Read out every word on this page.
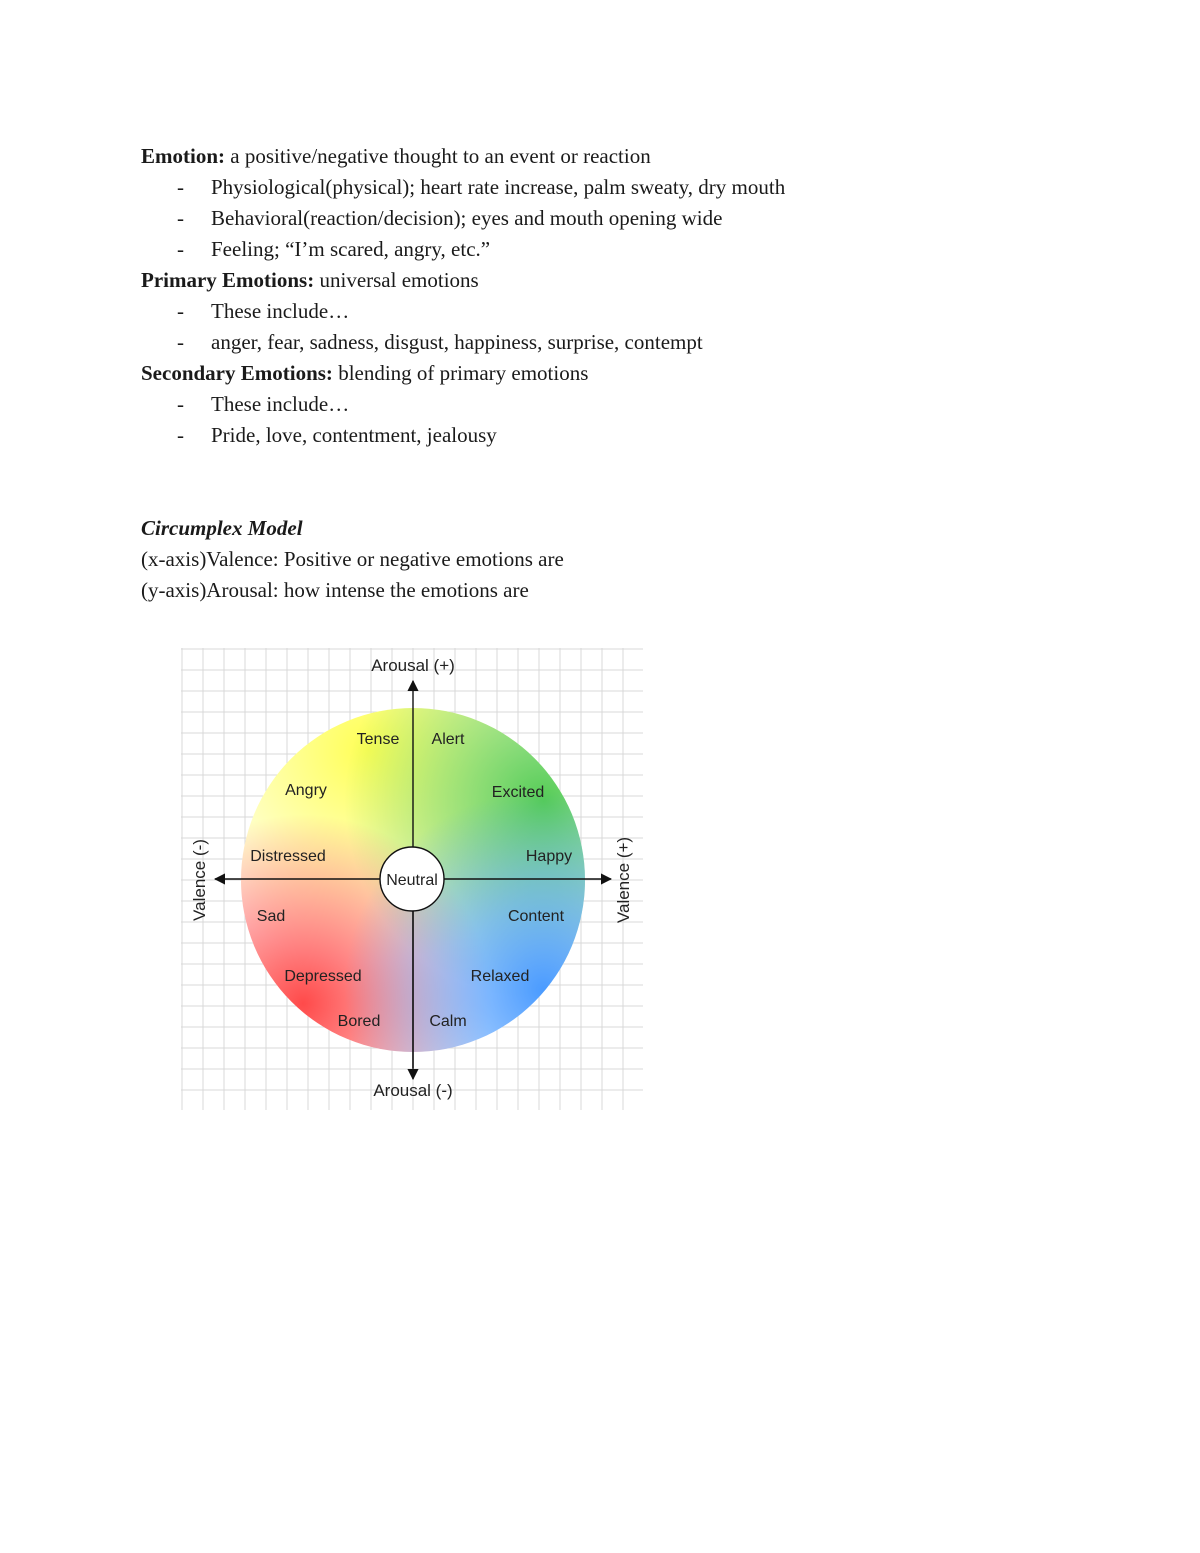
Emotion: a positive/negative thought to an event or reaction
- Physiological(physical); heart rate increase, palm sweaty, dry mouth
- Behavioral(reaction/decision); eyes and mouth opening wide
- Feeling; “I’m scared, angry, etc.”
Primary Emotions: universal emotions
- These include…
- anger, fear, sadness, disgust, happiness, surprise, contempt
Secondary Emotions: blending of primary emotions
- These include…
- Pride, love, contentment, jealousy
Circumplex Model
(x-axis)Valence: Positive or negative emotions are
(y-axis)Arousal: how intense the emotions are
Neutral
Arousal (+)
Arousal (-)
Valence (-)	Valence (+)
Tense Alert
Angry	Excited
Distressed	Happy
Sad	Content
Depressed	Relaxed
Bored	Calm
